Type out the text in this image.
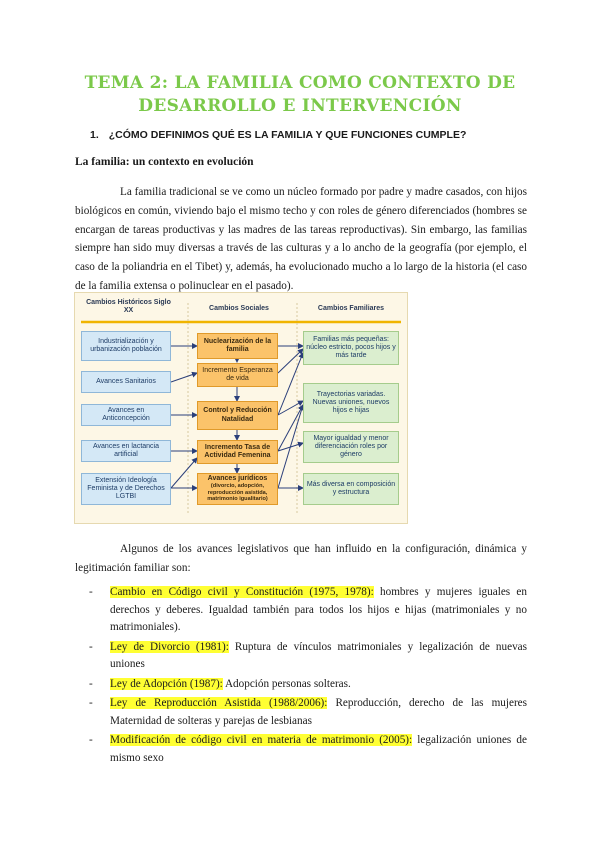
TEMA 2: LA FAMILIA COMO CONTEXTO DE DESARROLLO E INTERVENCIÓN
1. ¿CÓMO DEFINIMOS QUÉ ES LA FAMILIA Y QUE FUNCIONES CUMPLE?
La familia: un contexto en evolución
La familia tradicional se ve como un núcleo formado por padre y madre casados, con hijos biológicos en común, viviendo bajo el mismo techo y con roles de género diferenciados (hombres se encargan de tareas productivas y las madres de las tareas reproductivas). Sin embargo, las familias siempre han sido muy diversas a través de las culturas y a lo ancho de la geografía (por ejemplo, el caso de la poliandria en el Tibet) y, además, ha evolucionado mucho a lo largo de la historia (el caso de la familia extensa o polinuclear en el pasado).
Cambios Históricos Siglo XX	Cambios Sociales	Cambios Familiares
Industrialización y urbanización población
Avances Sanitarios
Avances en Anticoncepción
Avances en lactancia artificial
Extensión Ideología Feminista y de Derechos LGTBI
Nuclearización de la familia
Incremento Esperanza de vida
Control y Reducción Natalidad
Incremento Tasa de Actividad Femenina
Avances jurídicos
(divorcio, adopción, reproducción asistida, matrimonio igualitario)
Familias más pequeñas: núcleo estricto, pocos hijos y más tarde
Trayectorias variadas. Nuevas uniones, nuevos hijos e hijas
Mayor igualdad y menor diferenciación roles por género
Más diversa en composición y estructura
Algunos de los avances legislativos que han influido en la configuración, dinámica y legitimación familiar son:
- Cambio en Código civil y Constitución (1975, 1978): hombres y mujeres iguales en derechos y deberes. Igualdad también para todos los hijos e hijas (matrimoniales y no matrimoniales).
- Ley de Divorcio (1981): Ruptura de vínculos matrimoniales y legalización de nuevas uniones
- Ley de Adopción (1987): Adopción personas solteras.
- Ley de Reproducción Asistida (1988/2006): Reproducción, derecho de las mujeres Maternidad de solteras y parejas de lesbianas
- Modificación de código civil en materia de matrimonio (2005): legalización uniones de mismo sexo
